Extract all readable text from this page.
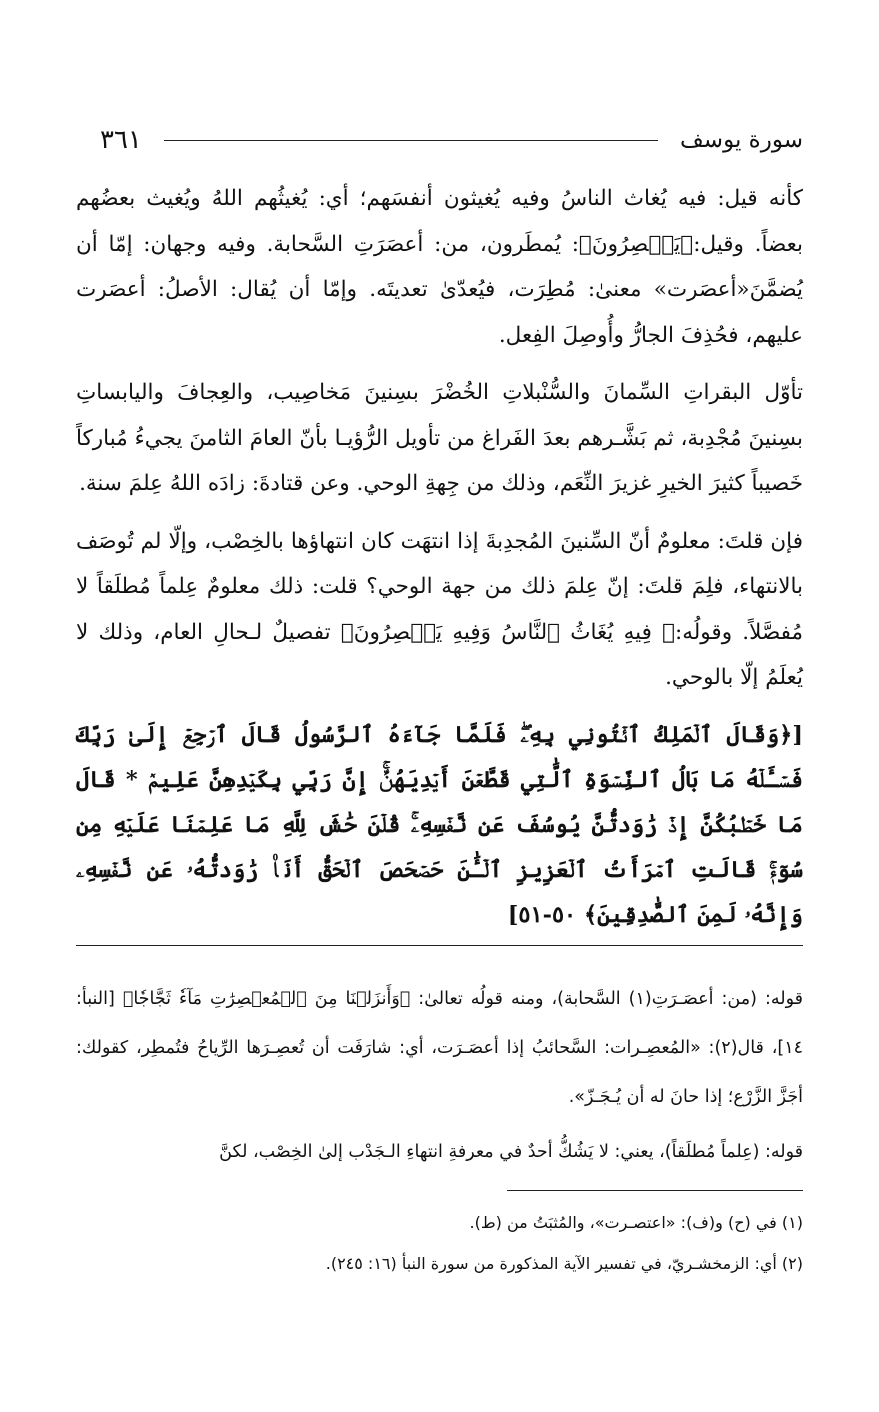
٣٦١	سورة يوسف

كأنه قيل: فيه يُغاث الناسُ وفيه يُغيثون أنفسَهم؛ أي: يُغيثُهم اللهُ ويُغيث بعضُهم بعضاً. وقيل:﴿يَعۡصِرُونَ﴾: يُمطَرون، من: أعصَرَتِ السَّحابة. وفيه وجهان: إمّا أن يُضمَّنَ«أعصَرت» معنىٰ: مُطِرَت، فيُعدّىٰ تعديتَه. وإمّا أن يُقال: الأصلُ: أعصَرت عليهم، فحُذِفَ الجارُّ وأُوصِلَ الفِعل.

تأوّل البقراتِ السِّمانَ والسُّنْبلاتِ الخُضْرَ بسِنينَ مَخاصِيب، والعِجافَ واليابساتِ بسِنينَ مُجْدِبة، ثم بَشَّـرهم بعدَ الفَراغ من تأويل الرُّؤيـا بأنّ العامَ الثامنَ يجيءُ مُباركاً خَصيباً كثيرَ الخيرِ غزيرَ النِّعَم، وذلك من جِهةِ الوحي. وعن قتادةَ: زادَه اللهُ عِلمَ سنة.

فإن قلتَ: معلومٌ أنّ السِّنينَ المُجدِبةَ إذا انتهَت كان انتهاؤها بالخِصْب، وإلّا لم تُوصَف بالانتهاء، فلِمَ قلتَ: إنّ عِلمَ ذلك من جهة الوحي؟ قلت: ذلك معلومٌ عِلماً مُطلَقاً لا مُفصَّلاً. وقولُه:﴿ فِيهِ يُغَاثُ ٱلنَّاسُ وَفِيهِ يَعۡصِرُونَ﴾ تفصيلٌ لـحالِ العام، وذلك لا يُعلَمُ إلّا بالوحي.

[﴿وَقَالَ ٱلۡمَلِكُ ٱئۡتُونِي بِهِۦۖ فَلَمَّا جَآءَهُ ٱلرَّسُولُ قَالَ ٱرۡجِعۡ إِلَىٰ رَبِّكَ فَسۡـَٔلۡهُ مَا بَالُ ٱلنِّسۡوَةِ ٱلَّٰتِي قَطَّعۡنَ أَيۡدِيَهُنَّۚ إِنَّ رَبِّي بِكَيۡدِهِنَّ عَلِيمٞ * قَالَ مَا خَطۡبُكُنَّ إِذۡ رَٰوَدتُّنَّ يُوسُفَ عَن نَّفۡسِهِۦۚ قُلۡنَ حَٰشَ لِلَّهِ مَا عَلِمۡنَا عَلَيۡهِ مِن سُوٓءٖۚ قَالَتِ ٱمۡرَأَتُ ٱلۡعَزِيزِ ٱلۡـَٰٔنَ حَصۡحَصَ ٱلۡحَقُّ أَنَا۠ رَٰوَدتُّهُۥ عَن نَّفۡسِهِۦ وَإِنَّهُۥ لَمِنَ ٱلصَّٰدِقِينَ﴾ ٥٠-٥١]

قوله: (من: أعصَـرَتِ(١) السَّحابة)، ومنه قولُه تعالىٰ: ﴿وَأَنزَلۡنَا مِنَ ٱلۡمُعۡصِرَٰتِ مَآءٗ ثَجَّاجٗا﴾ [النبأ: ١٤]، قال(٢): «المُعصِـرات: السَّحائبُ إذا أعصَـرَت، أي: شارَفَت أن تُعصِـرَها الرِّياحُ فتُمطِر، كقولك: أجَزَّ الزَّرْع؛ إذا حانَ له أن يُـجَـزّ».

قوله: (عِلماً مُطلَقاً)، يعني: لا يَشُكُّ أحدٌ في معرفةِ انتهاءِ الـجَدْب إلىٰ الخِصْب، لكنَّ

(١) في (ح) و(ف): «اعتصـرت»، والمُثبَتُ من (ط).

(٢) أي: الزمخشـريّ، في تفسير الآية المذكورة من سورة النبأ (١٦: ٢٤٥).
